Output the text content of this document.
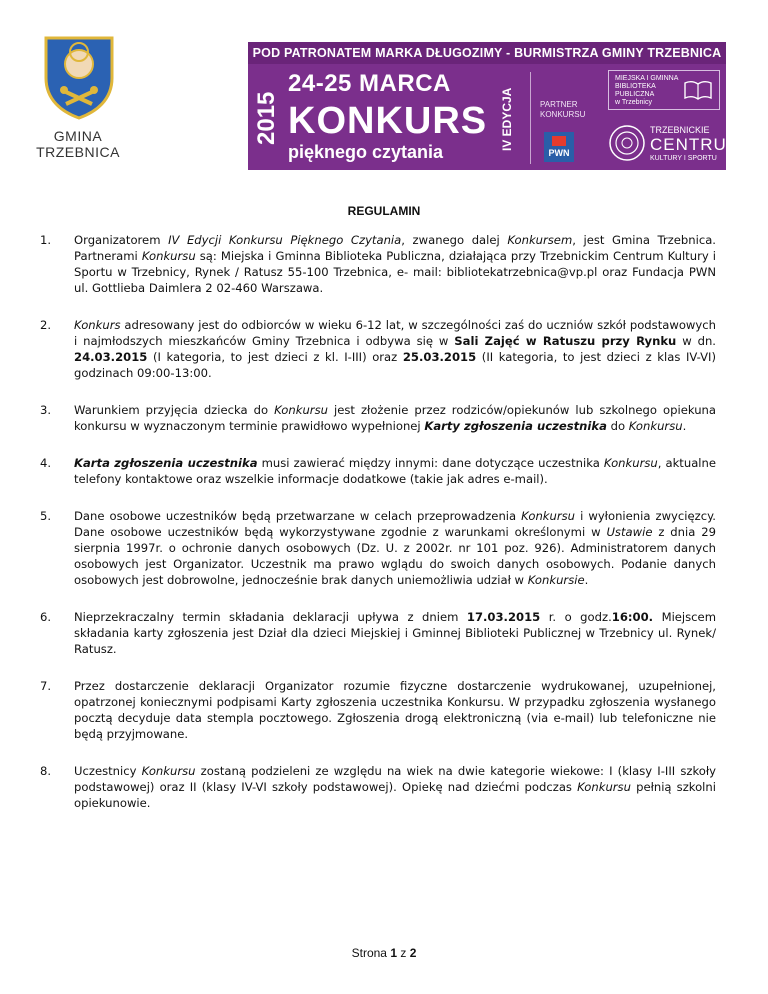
GMINA
TRZEBNICA
POD PATRONATEM MARKA DŁUGOZIMY - BURMISTRZA GMINY TRZEBNICA
2015
24-25 MARCA
KONKURS
pięknego czytania
IV EDYCJA	PARTNER
KONKURSU
PWN
MIEJSKA I GMINNA
BIBLIOTEKA PUBLICZNA
w Trzebnicy
TRZEBNICKIE
CENTRUM
KULTURY I SPORTU
REGULAMIN
1. Organizatorem IV Edycji Konkursu Pięknego Czytania, zwanego dalej Konkursem, jest Gmina Trzebnica. Partnerami Konkursu są: Miejska i Gminna Biblioteka Publiczna, działająca przy Trzebnickim Centrum Kultury i Sportu w Trzebnicy, Rynek / Ratusz 55-100 Trzebnica, e- mail: bibliotekatrzebnica@vp.pl oraz Fundacja PWN ul. Gottlieba Daimlera 2 02-460 Warszawa.
2. Konkurs adresowany jest do odbiorców w wieku 6-12 lat, w szczególności zaś do uczniów szkół podstawowych i najmłodszych mieszkańców Gminy Trzebnica i odbywa się w Sali Zajęć w Ratuszu przy Rynku w dn. 24.03.2015 (I kategoria, to jest dzieci z kl. I-III) oraz 25.03.2015 (II kategoria, to jest dzieci z klas IV-VI) godzinach 09:00-13:00.
3. Warunkiem przyjęcia dziecka do Konkursu jest złożenie przez rodziców/opiekunów lub szkolnego opiekuna konkursu w wyznaczonym terminie prawidłowo wypełnionej Karty zgłoszenia uczestnika do Konkursu.
4. Karta zgłoszenia uczestnika musi zawierać między innymi: dane dotyczące uczestnika Konkursu, aktualne telefony kontaktowe oraz wszelkie informacje dodatkowe (takie jak adres e-mail).
5. Dane osobowe uczestników będą przetwarzane w celach przeprowadzenia Konkursu i wyłonienia zwycięzcy. Dane osobowe uczestników będą wykorzystywane zgodnie z warunkami określonymi w Ustawie z dnia 29 sierpnia 1997r. o ochronie danych osobowych (Dz. U. z 2002r. nr 101 poz. 926). Administratorem danych osobowych jest Organizator. Uczestnik ma prawo wglądu do swoich danych osobowych. Podanie danych osobowych jest dobrowolne, jednocześnie brak danych uniemożliwia udział w Konkursie.
6. Nieprzekraczalny termin składania deklaracji upływa z dniem 17.03.2015 r. o godz.16:00. Miejscem składania karty zgłoszenia jest Dział dla dzieci Miejskiej i Gminnej Biblioteki Publicznej w Trzebnicy ul. Rynek/ Ratusz.
7. Przez dostarczenie deklaracji Organizator rozumie fizyczne dostarczenie wydrukowanej, uzupełnionej, opatrzonej koniecznymi podpisami Karty zgłoszenia uczestnika Konkursu. W przypadku zgłoszenia wysłanego pocztą decyduje data stempla pocztowego. Zgłoszenia drogą elektroniczną (via e-mail) lub telefoniczne nie będą przyjmowane.
8. Uczestnicy Konkursu zostaną podzieleni ze względu na wiek na dwie kategorie wiekowe: I (klasy I-III szkoły podstawowej) oraz II (klasy IV-VI szkoły podstawowej). Opiekę nad dziećmi podczas Konkursu pełnią szkolni opiekunowie.
Strona 1 z 2
